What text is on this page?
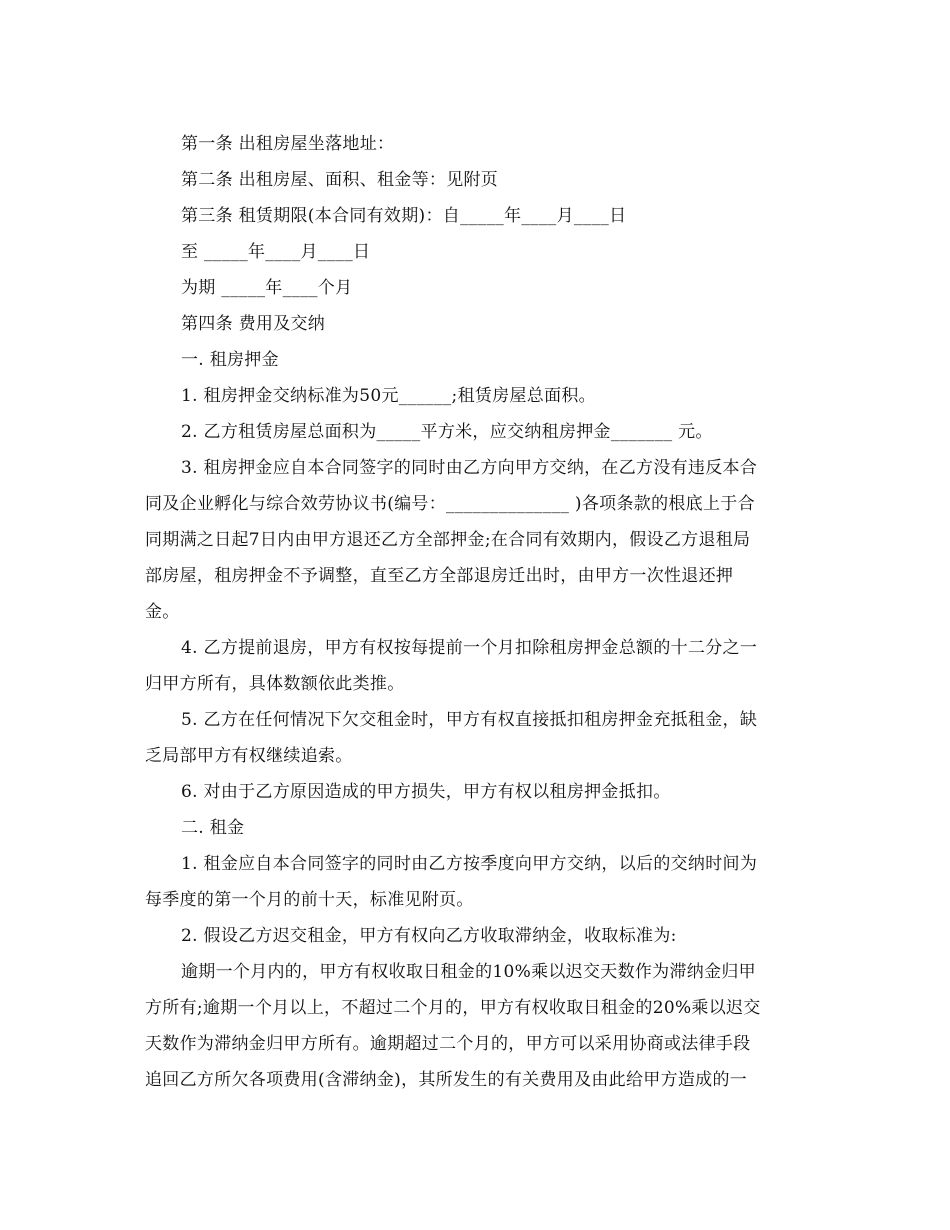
第一条 出租房屋坐落地址：
第二条 出租房屋、面积、租金等：见附页
第三条 租赁期限(本合同有效期)：自_____年____月____日
至 _____年____月____日
为期 _____年____个月
第四条 费用及交纳
一. 租房押金
1. 租房押金交纳标准为50元______;租赁房屋总面积。
2. 乙方租赁房屋总面积为_____平方米，应交纳租房押金_______ 元。
3. 租房押金应自本合同签字的同时由乙方向甲方交纳，在乙方没有违反本合
同及企业孵化与综合效劳协议书(编号：______________ )各项条款的根底上于合
同期满之日起7日内由甲方退还乙方全部押金;在合同有效期内，假设乙方退租局
部房屋，租房押金不予调整，直至乙方全部退房迁出时，由甲方一次性退还押
金。
4. 乙方提前退房，甲方有权按每提前一个月扣除租房押金总额的十二分之一
归甲方所有，具体数额依此类推。
5. 乙方在任何情况下欠交租金时，甲方有权直接抵扣租房押金充抵租金，缺
乏局部甲方有权继续追索。
6. 对由于乙方原因造成的甲方损失，甲方有权以租房押金抵扣。
二. 租金
1. 租金应自本合同签字的同时由乙方按季度向甲方交纳，以后的交纳时间为
每季度的第一个月的前十天，标准见附页。
2. 假设乙方迟交租金，甲方有权向乙方收取滞纳金，收取标准为:
逾期一个月内的，甲方有权收取日租金的10%乘以迟交天数作为滞纳金归甲
方所有;逾期一个月以上，不超过二个月的，甲方有权收取日租金的20%乘以迟交
天数作为滞纳金归甲方所有。逾期超过二个月的，甲方可以采用协商或法律手段
追回乙方所欠各项费用(含滞纳金)，其所发生的有关费用及由此给甲方造成的一
